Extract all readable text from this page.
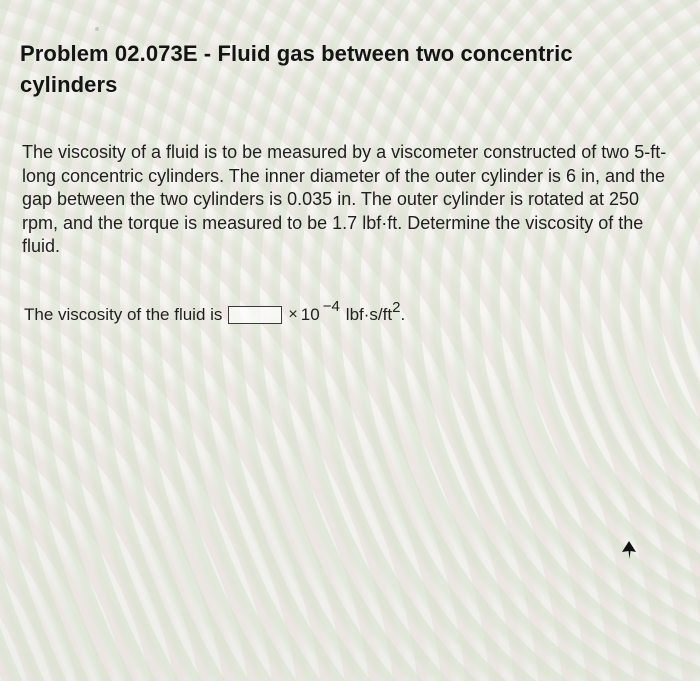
Problem 02.073E - Fluid gas between two concentric cylinders

The viscosity of a fluid is to be measured by a viscometer constructed of two 5-ft-long concentric cylinders. The inner diameter of the outer cylinder is 6 in, and the gap between the two cylinders is 0.035 in. The outer cylinder is rotated at 250 rpm, and the torque is measured to be 1.7 lbf·ft. Determine the viscosity of the fluid.

The viscosity of the fluid is	× $10^{-4}$ $lbf\cdot s/ft^2$.
